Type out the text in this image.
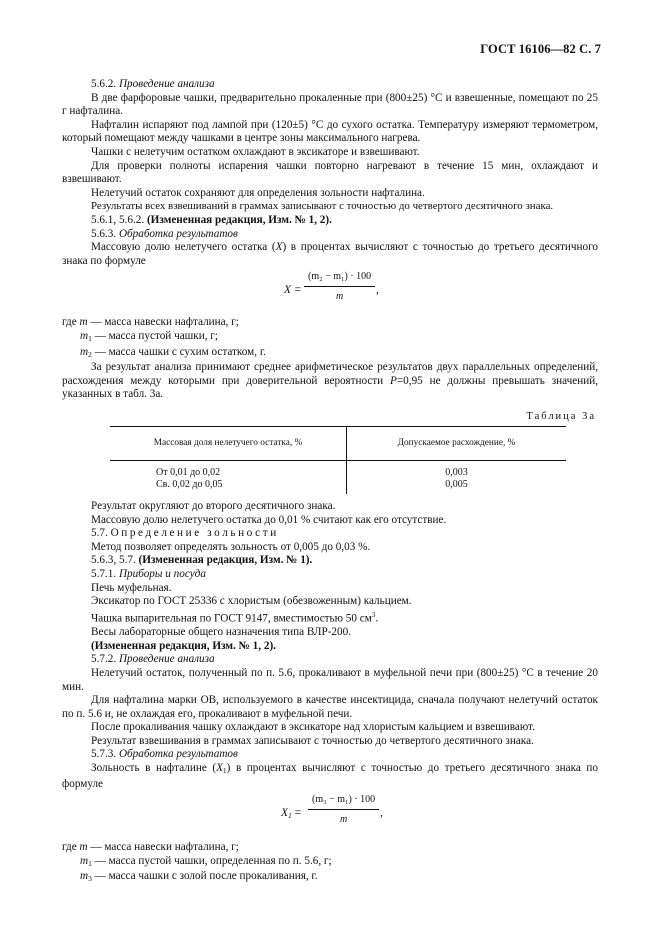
ГОСТ 16106—82 С. 7

5.6.2. Проведение анализа

В две фарфоровые чашки, предварительно прокаленные при (800±25) °С и взвешенные, помещают по 25 г нафталина.

Нафталин испаряют под лампой при (120±5) °С до сухого остатка. Температуру измеряют термометром, который помещают между чашками в центре зоны максимального нагрева.

Чашки с нелетучим остатком охлаждают в эксикаторе и взвешивают.

Для проверки полноты испарения чашки повторно нагревают в течение 15 мин, охлаждают и взвешивают.

Нелетучий остаток сохраняют для определения зольности нафталина.

Результаты всех взвешиваний в граммах записывают с точностью до четвертого десятичного знака.

5.6.1, 5.6.2. (Измененная редакция, Изм. № 1, 2).

5.6.3. Обработка результатов

Массовую долю нелетучего остатка (X) в процентах вычисляют с точностью до третьего десятичного знака по формуле

$X = \frac{\text{(m₂ − m₁) · 100}}{m}$ ,

где m — масса навески нафталина, г;

$m_1$ — масса пустой чашки, г;

$m_2$ — масса чашки с сухим остатком, г.

За результат анализа принимают среднее арифметическое результатов двух параллельных определений, расхождения между которыми при доверительной вероятности P=0,95 не должны превышать значений, указанных в табл. 3а.

Таблица 3а
Массовая доля нелетучего остатка, %	Допускаемое расхождение, %
От 0,01 до 0,02	0,003
Св. 0,02 до 0,05	0,005

Результат округляют до второго десятичного знака.

Массовую долю нелетучего остатка до 0,01 % считают как его отсутствие.

5.7. Определение зольности

Метод позволяет определять зольность от 0,005 до 0,03 %.

5.6.3, 5.7. (Измененная редакция, Изм. № 1).

5.7.1. Приборы и посуда

Печь муфельная.

Эксикатор по ГОСТ 25336 с хлористым (обезвоженным) кальцием.

Чашка выпарительная по ГОСТ 9147, вместимостью 50 $см^3$.

Весы лабораторные общего назначения типа ВЛР-200.

(Измененная редакция, Изм. № 1, 2).

5.7.2. Проведение анализа

Нелетучий остаток, полученный по п. 5.6, прокаливают в муфельной печи при (800±25) °С в течение 20 мин.

Для нафталина марки ОВ, используемого в качестве инсектицида, сначала получают нелетучий остаток по п. 5.6 и, не охлаждая его, прокаливают в муфельной печи.

После прокаливания чашку охлаждают в эксикаторе над хлористым кальцием и взвешивают.

Результат взвешивания в граммах записывают с точностью до четвертого десятичного знака.

5.7.3. Обработка результатов

Зольность в нафталине $(X_1)$ в процентах вычисляют с точностью до третьего десятичного знака по формуле

$X_1 = \frac{\text{(m₃ − m₁) · 100}}{m}$ ,

где m — масса навески нафталина, г;

$m_1$ — масса пустой чашки, определенная по п. 5.6, г;

$m_3$ — масса чашки с золой после прокаливания, г.
